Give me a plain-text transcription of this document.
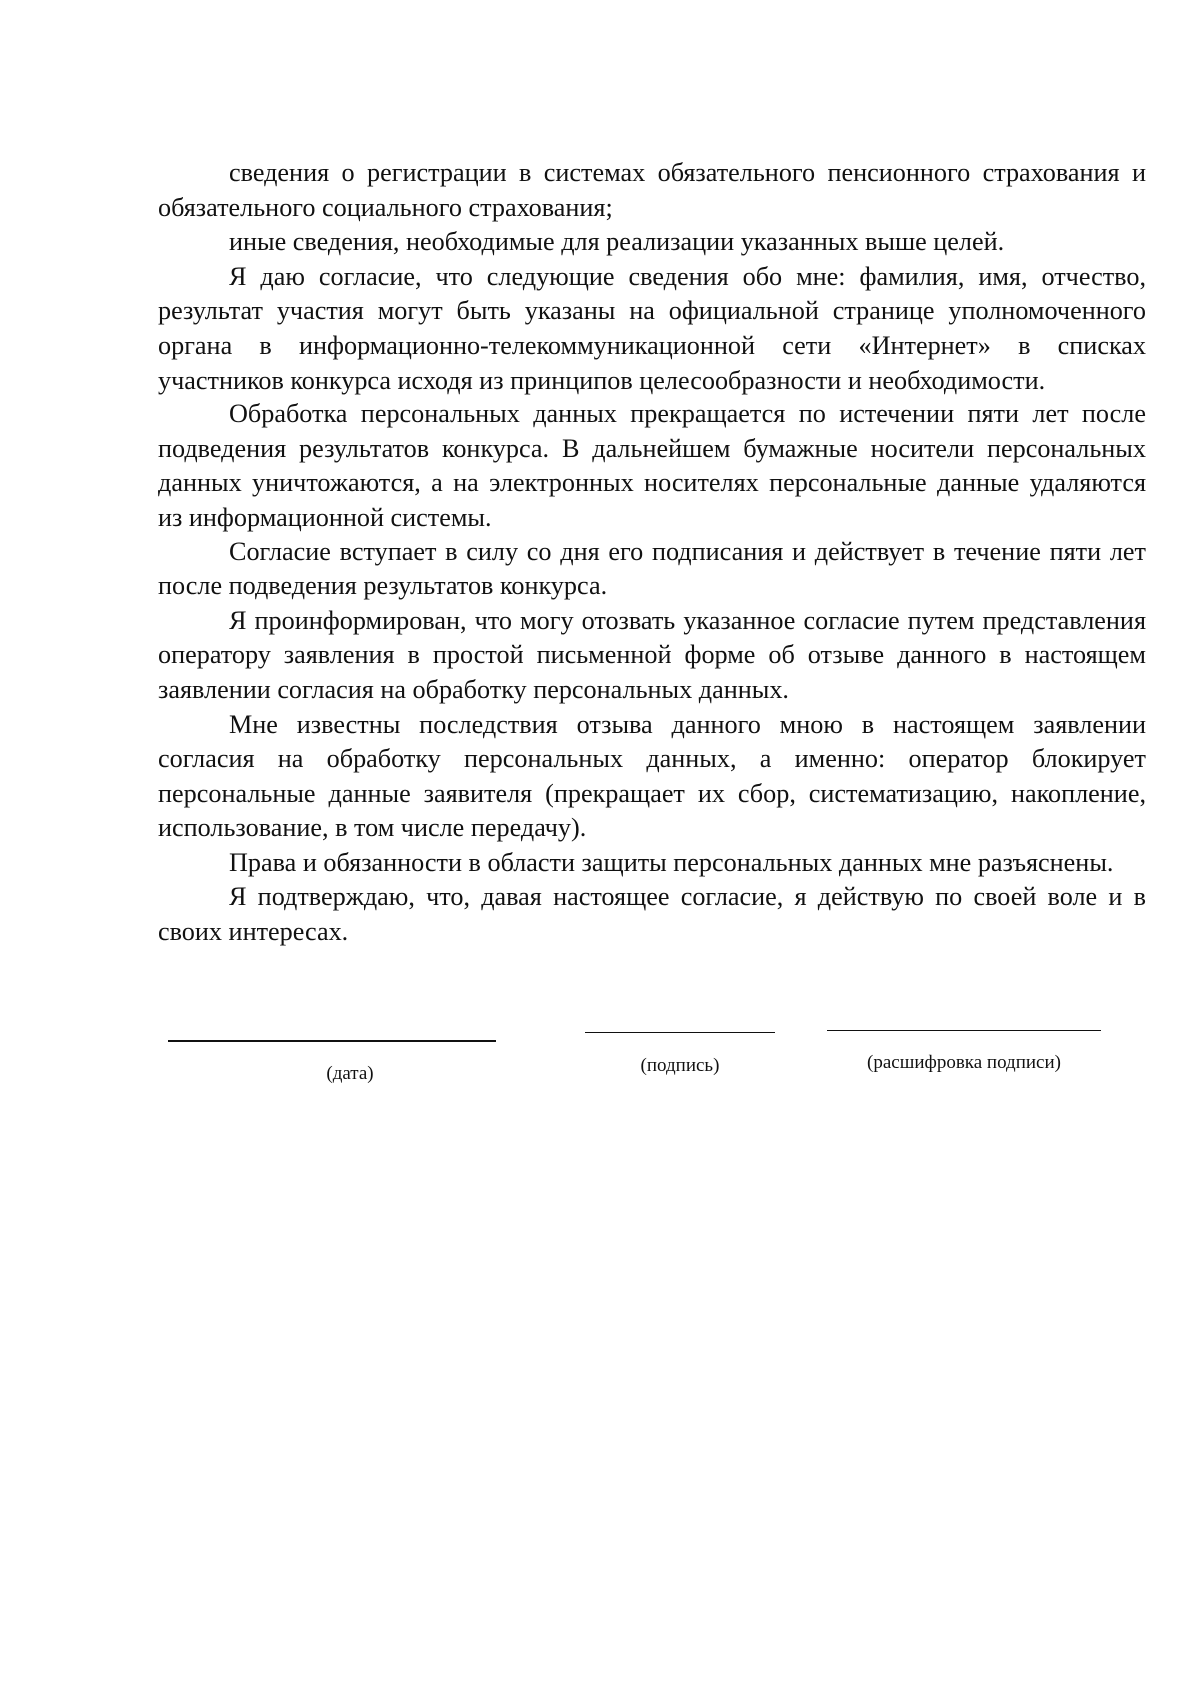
сведения о регистрации в системах обязательного пенсионного страхования и обязательного социального страхования;

иные сведения, необходимые для реализации указанных выше целей.

Я даю согласие, что следующие сведения обо мне: фамилия, имя, отчество, результат участия могут быть указаны на официальной странице уполномоченного органа в информационно-телекоммуникационной сети «Интернет» в списках участников конкурса исходя из принципов целесообразности и необходимости.

Обработка персональных данных прекращается по истечении пяти лет после подведения результатов конкурса. В дальнейшем бумажные носители персональных данных уничтожаются, а на электронных носителях персональные данные удаляются из информационной системы.

Согласие вступает в силу со дня его подписания и действует в течение пяти лет после подведения результатов конкурса.

Я проинформирован, что могу отозвать указанное согласие путем представления оператору заявления в простой письменной форме об отзыве данного в настоящем заявлении согласия на обработку персональных данных.

Мне известны последствия отзыва данного мною в настоящем заявлении согласия на обработку персональных данных, а именно: оператор блокирует персональные данные заявителя (прекращает их сбор, систематизацию, накопление, использование, в том числе передачу).

Права и обязанности в области защиты персональных данных мне разъяснены.

Я подтверждаю, что, давая настоящее согласие, я действую по своей воле и в своих интересах.

(дата)	(подпись)	(расшифровка подписи)
